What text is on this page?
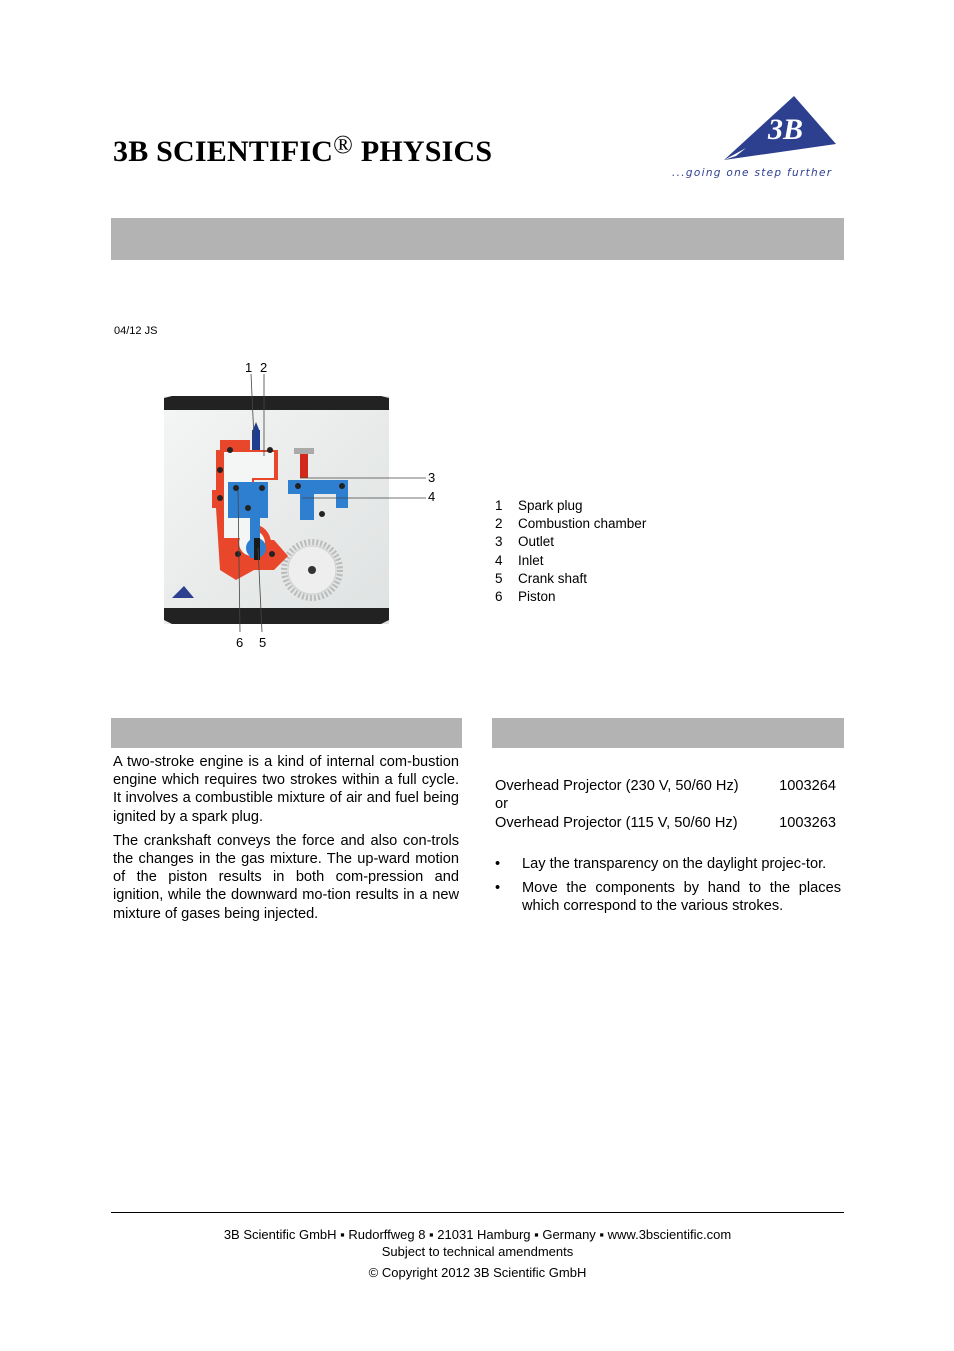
3B SCIENTIFIC® PHYSICS
3B
...going one step further
04/12 JS
1 2
3
4
5
6
1 Spark plug
2 Combustion chamber
3 Outlet
4 Inlet
5 Crank shaft
6 Piston

A two-stroke engine is a kind of internal com-bustion engine which requires two strokes within a full cycle. It involves a combustible mixture of air and fuel being ignited by a spark plug.

The crankshaft conveys the force and also con-trols the changes in the gas mixture. The up-ward motion of the piston results in both com-pression and ignition, while the downward mo-tion results in a new mixture of gases being injected.

Overhead Projector (230 V, 50/60 Hz)	1003264
or
Overhead Projector (115 V, 50/60 Hz)	1003263
•	Lay the transparency on the daylight projec-tor.
•	Move the components by hand to the places which correspond to the various strokes.
3B Scientific GmbH ▪ Rudorffweg 8 ▪ 21031 Hamburg ▪ Germany ▪ www.3bscientific.com
Subject to technical amendments
© Copyright 2012 3B Scientific GmbH
